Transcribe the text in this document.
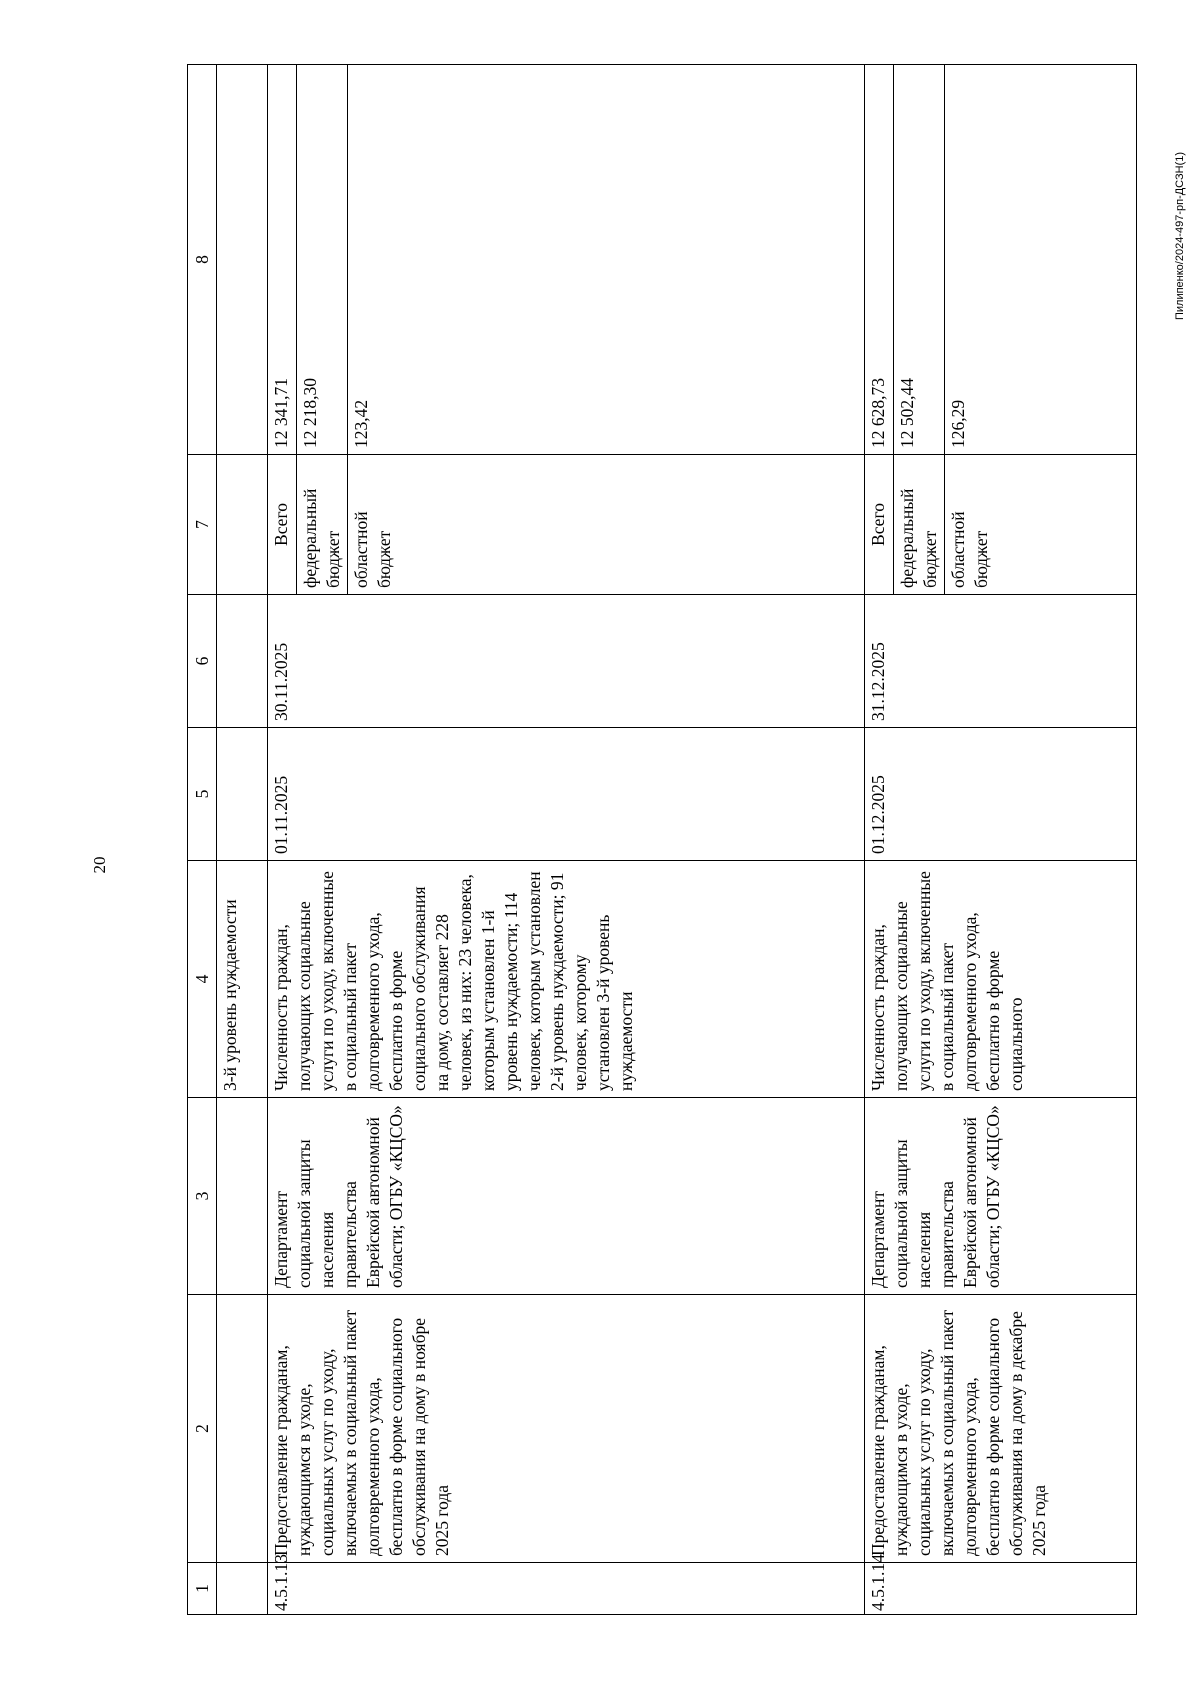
20
Пилипенко/2024-497-рп-ДСЗН(1)
1	2	3	4	5	6	7	8
			3-й уровень нуждаемости				
4.5.1.13	Предоставление гражданам, нуждающимся в уходе, социальных услуг по уходу, включаемых в социальный пакет долговременного ухода, бесплатно в форме социального обслуживания на дому в ноябре 2025 года	Департамент социальной защиты населения правительства Еврейской автономной области; ОГБУ «КЦСО»	Численность граждан, получающих социальные услуги по уходу, включенные в социальный пакет долговременного ухода, бесплатно в форме социального обслуживания на дому, составляет 228 человек, из них: 23 человека, которым установлен 1-й уровень нуждаемости; 114 человек, которым установлен 2-й уровень нуждаемости; 91 человек, которому установлен 3-й уровень нуждаемости	01.11.2025	30.11.2025	Всего	12 341,71
						федеральный бюджет	12 218,30
						областной бюджет	123,42
4.5.1.14	Предоставление гражданам, нуждающимся в уходе, социальных услуг по уходу, включаемых в социальный пакет долговременного ухода, бесплатно в форме социального обслуживания на дому в декабре 2025 года	Департамент социальной защиты населения правительства Еврейской автономной области; ОГБУ «КЦСО»	Численность граждан, получающих социальные услуги по уходу, включенные в социальный пакет долговременного ухода, бесплатно в форме социального	01.12.2025	31.12.2025	Всего	12 628,73
						федеральный бюджет	12 502,44
						областной бюджет	126,29
